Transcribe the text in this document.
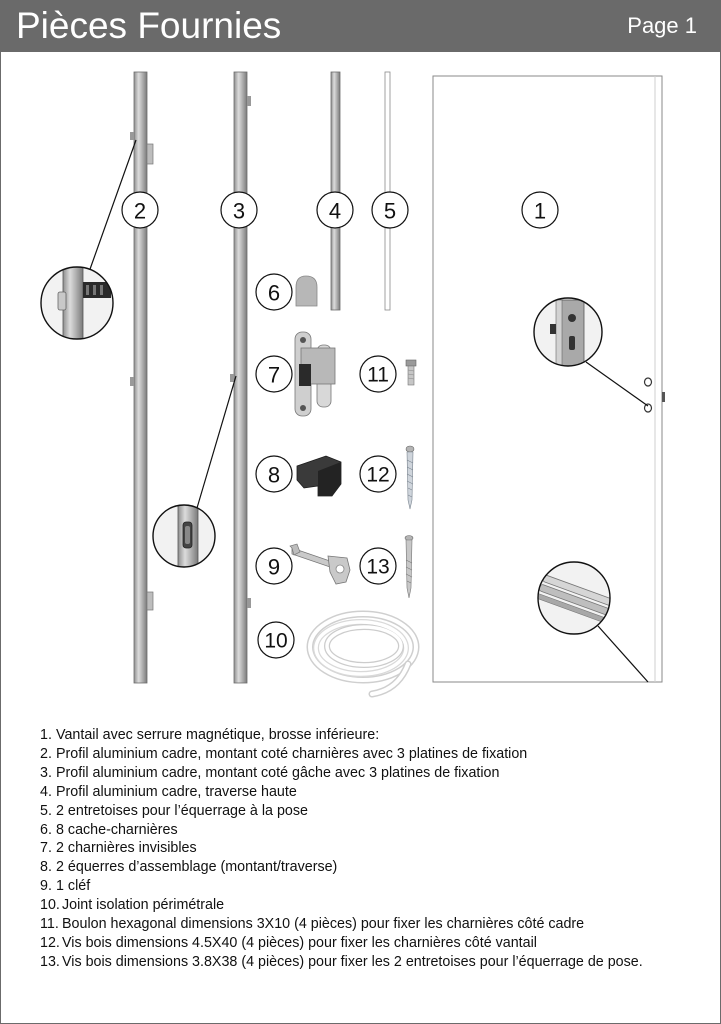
Pièces Fournies	Page 1
1
2	3	4 5
6
7
8
9
10
11
12
13
1. Vantail avec serrure magnétique, brosse inférieure:
2. Profil aluminium cadre, montant coté charnières avec 3 platines de fixation
3. Profil aluminium cadre, montant coté gâche avec 3 platines de fixation
4. Profil aluminium cadre, traverse haute
5. 2 entretoises pour l’équerrage à la pose
6. 8 cache-charnières
7. 2 charnières invisibles
8. 2 équerres d’assemblage (montant/traverse)
9. 1 cléf
10. Joint isolation périmétrale
11. Boulon hexagonal dimensions 3X10 (4 pièces) pour fixer les charnières côté cadre
12. Vis bois dimensions 4.5X40 (4 pièces) pour fixer les charnières côté vantail
13. Vis bois dimensions 3.8X38 (4 pièces) pour fixer les 2 entretoises pour l’équerrage de pose.
